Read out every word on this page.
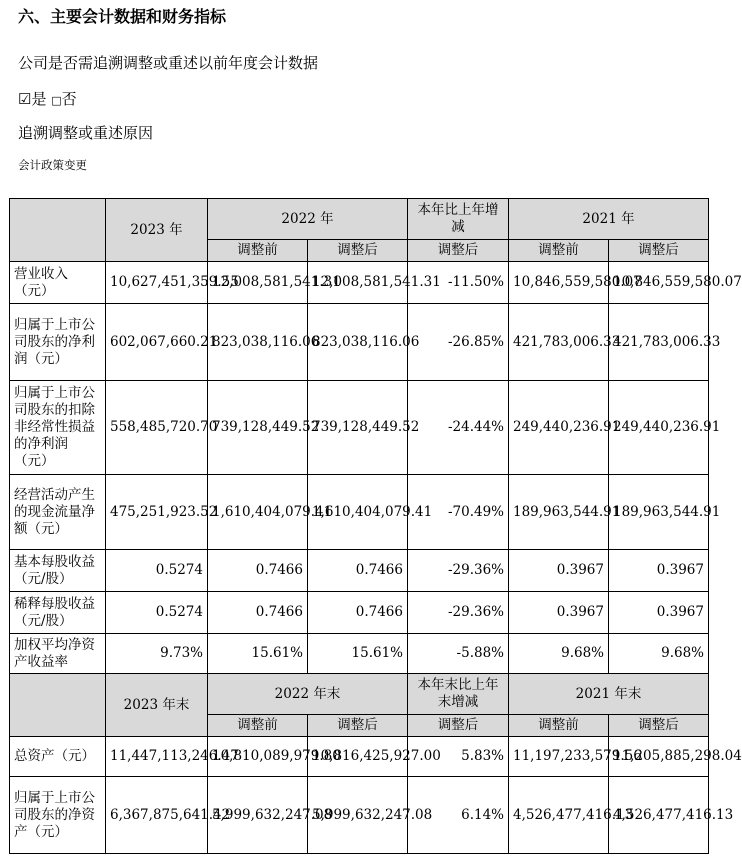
六、主要会计数据和财务指标
公司是否需追溯调整或重述以前年度会计数据
☑是 □否
追溯调整或重述原因
会计政策变更
	2023 年	2022 年		本年比上年增减	2021 年	
		调整前	调整后	调整后	调整前	调整后
营业收入（元）	10,627,451,359.55	12,008,581,541.31	12,008,581,541.31	-11.50%	10,846,559,580.07	10,846,559,580.07
归属于上市公司股东的净利润（元）	602,067,660.21	823,038,116.06	823,038,116.06	-26.85%	421,783,006.33	421,783,006.33
归属于上市公司股东的扣除非经常性损益的净利润（元）	558,485,720.70	739,128,449.52	739,128,449.52	-24.44%	249,440,236.91	249,440,236.91
经营活动产生的现金流量净额（元）	475,251,923.52	1,610,404,079.41	1,610,404,079.41	-70.49%	189,963,544.91	189,963,544.91
基本每股收益（元/股）	0.5274	0.7466	0.7466	-29.36%	0.3967	0.3967
稀释每股收益（元/股）	0.5274	0.7466	0.7466	-29.36%	0.3967	0.3967
加权平均净资产收益率	9.73%	15.61%	15.61%	-5.88%	9.68%	9.68%
	2023 年末	2022 年末		本年末比上年末增减	2021 年末	
		调整前	调整后	调整后	调整前	调整后
总资产（元）	11,447,113,246.47	10,810,089,979.80	10,816,425,927.00	5.83%	11,197,233,579.56	11,205,885,298.04
归属于上市公司股东的净资产（元）	6,367,875,641.42	5,999,632,247.08	5,999,632,247.08	6.14%	4,526,477,416.13	4,526,477,416.13
